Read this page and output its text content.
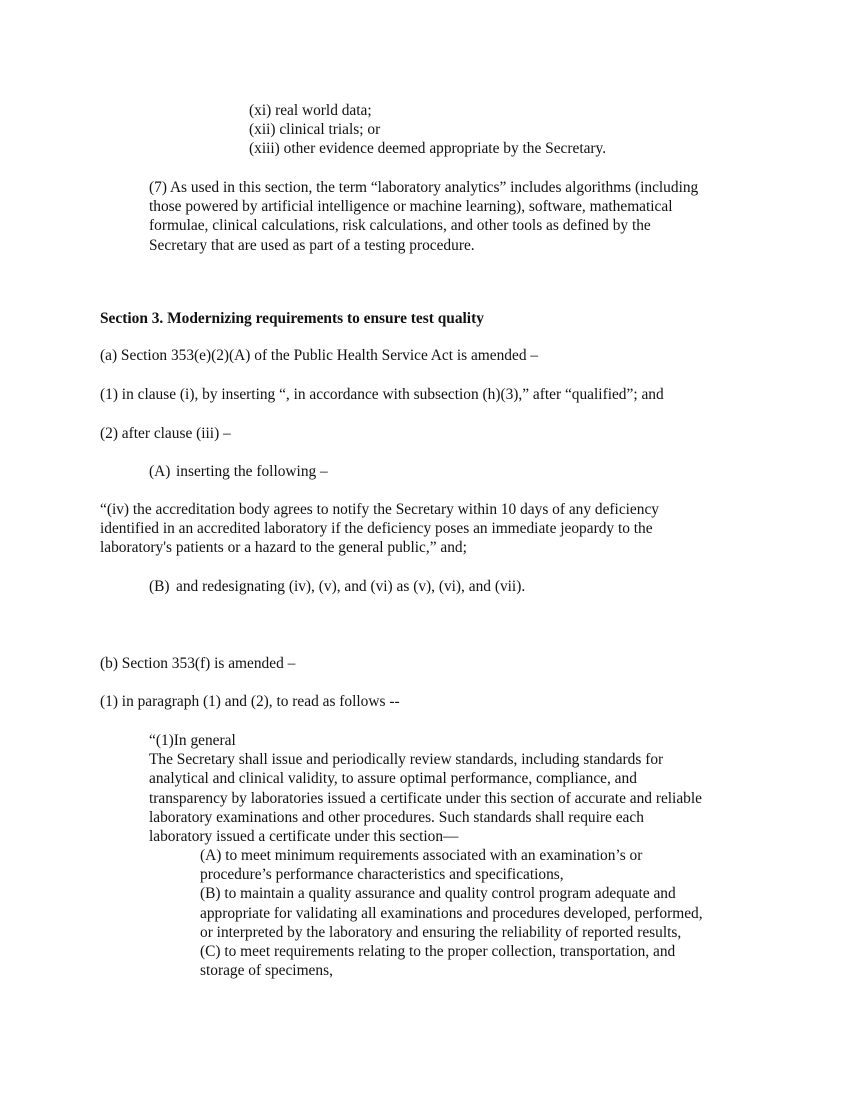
(xi) real world data;
(xii) clinical trials; or
(xiii) other evidence deemed appropriate by the Secretary.
(7) As used in this section, the term “laboratory analytics” includes algorithms (including
those powered by artificial intelligence or machine learning), software, mathematical
formulae, clinical calculations, risk calculations, and other tools as defined by the
Secretary that are used as part of a testing procedure.
Section 3. Modernizing requirements to ensure test quality
(a) Section 353(e)(2)(A) of the Public Health Service Act is amended –
(1) in clause (i), by inserting “, in accordance with subsection (h)(3),” after “qualified”; and
(2) after clause (iii) –
(A) inserting the following –
“(iv) the accreditation body agrees to notify the Secretary within 10 days of any deficiency
identified in an accredited laboratory if the deficiency poses an immediate jeopardy to the
laboratory's patients or a hazard to the general public,” and;
(B) and redesignating (iv), (v), and (vi) as (v), (vi), and (vii).
(b) Section 353(f) is amended –
(1) in paragraph (1) and (2), to read as follows --
“(1)In general
The Secretary shall issue and periodically review standards, including standards for
analytical and clinical validity, to assure optimal performance, compliance, and
transparency by laboratories issued a certificate under this section of accurate and reliable
laboratory examinations and other procedures. Such standards shall require each
laboratory issued a certificate under this section—
(A) to meet minimum requirements associated with an examination’s or
procedure’s performance characteristics and specifications,
(B) to maintain a quality assurance and quality control program adequate and
appropriate for validating all examinations and procedures developed, performed,
or interpreted by the laboratory and ensuring the reliability of reported results,
(C) to meet requirements relating to the proper collection, transportation, and
storage of specimens,
